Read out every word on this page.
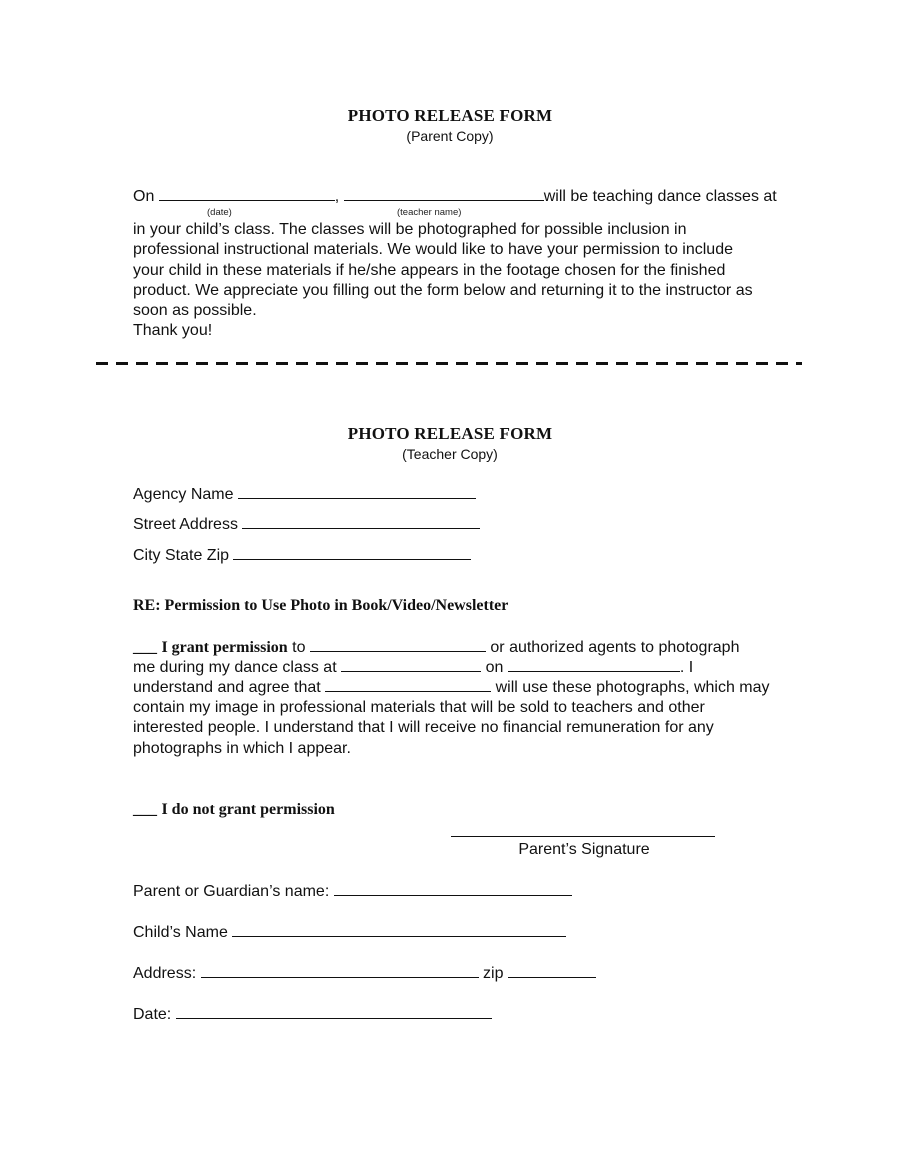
PHOTO RELEASE FORM
(Parent Copy)
On	,	will be teaching dance classes at
(date)	(teacher name)
in your child’s class. The classes will be photographed for possible inclusion in
professional instructional materials. We would like to have your permission to include
your child in these materials if he/she appears in the footage chosen for the finished
product. We appreciate you filling out the form below and returning it to the instructor as
soon as possible.
Thank you!
PHOTO RELEASE FORM
(Teacher Copy)
Agency Name
Street Address
City State Zip
RE: Permission to Use Photo in Book/Video/Newsletter
___ I grant permission to	or authorized agents to photograph
me during my dance class at	on	. I
understand and agree that	will use these photographs, which may
contain my image in professional materials that will be sold to teachers and other
interested people. I understand that I will receive no financial remuneration for any
photographs in which I appear.
___ I do not grant permission
Parent’s Signature
Parent or Guardian’s name:
Child’s Name
Address:	zip
Date:
